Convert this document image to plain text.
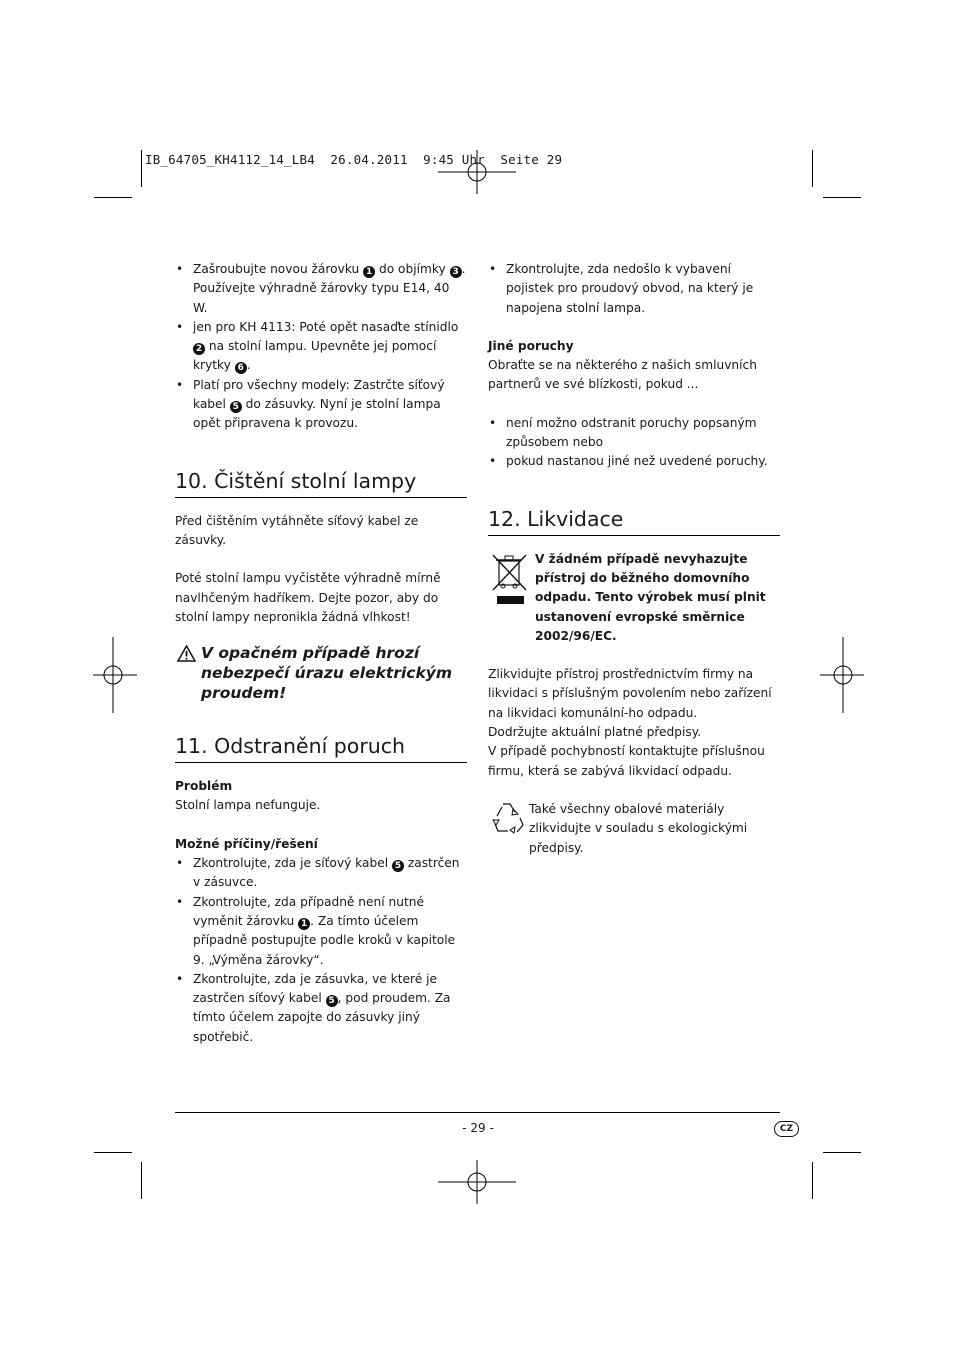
IB_64705_KH4112_14_LB4  26.04.2011  9:45 Uhr  Seite 29
• Zašroubujte novou žárovku 1 do objímky 3 . Používejte výhradně žárovky typu E14, 40 W.
• jen pro KH 4113: Poté opět nasaďte stínidlo 2 na stolní lampu. Upevněte jej pomocí krytky 6 .
• Platí pro všechny modely: Zastrčte síťový kabel 5 do zásuvky. Nyní je stolní lampa opět připravena k provozu.
10. Čištění stolní lampy

Před čištěním vytáhněte síťový kabel ze zásuvky.

Poté stolní lampu vyčistěte výhradně mírně navlhčeným hadříkem. Dejte pozor, aby do stolní lampy nepronikla žádná vlhkost!

V opačném případě hrozí nebezpečí úrazu elektrickým proudem!
11. Odstranění poruch

Problém

Stolní lampa nefunguje.

Možné příčiny/řešení

• Zkontrolujte, zda je síťový kabel 5 zastrčen v zásuvce.
• Zkontrolujte, zda případně není nutné vyměnit žárovku 1 . Za tímto účelem případně postupujte podle kroků v kapitole 9. „Výměna žárovky“.
• Zkontrolujte, zda je zásuvka, ve které je zastrčen síťový kabel 5 , pod proudem. Za tímto účelem zapojte do zásuvky jiný spotřebič.
• Zkontrolujte, zda nedošlo k vybavení pojistek pro proudový obvod, na který je napojena stolní lampa.

Jiné poruchy

Obraťte se na některého z našich smluvních partnerů ve své blízkosti, pokud ...

• není možno odstranit poruchy popsaným způsobem nebo
• pokud nastanou jiné než uvedené poruchy.
12. Likvidace

V žádném případě nevyhazujte přístroj do běžného domovního odpadu. Tento výrobek musí plnit ustanovení evropské směrnice 2002/96/EC.

Zlikvidujte přístroj prostřednictvím firmy na likvidaci s příslušným povolením nebo zařízení na likvidaci komunální-ho odpadu.

Dodržujte aktuální platné předpisy.

V případě pochybností kontaktujte příslušnou firmu, která se zabývá likvidací odpadu.

Také všechny obalové materiály zlikvidujte v souladu s ekologickými předpisy.

- 29 -	CZ
